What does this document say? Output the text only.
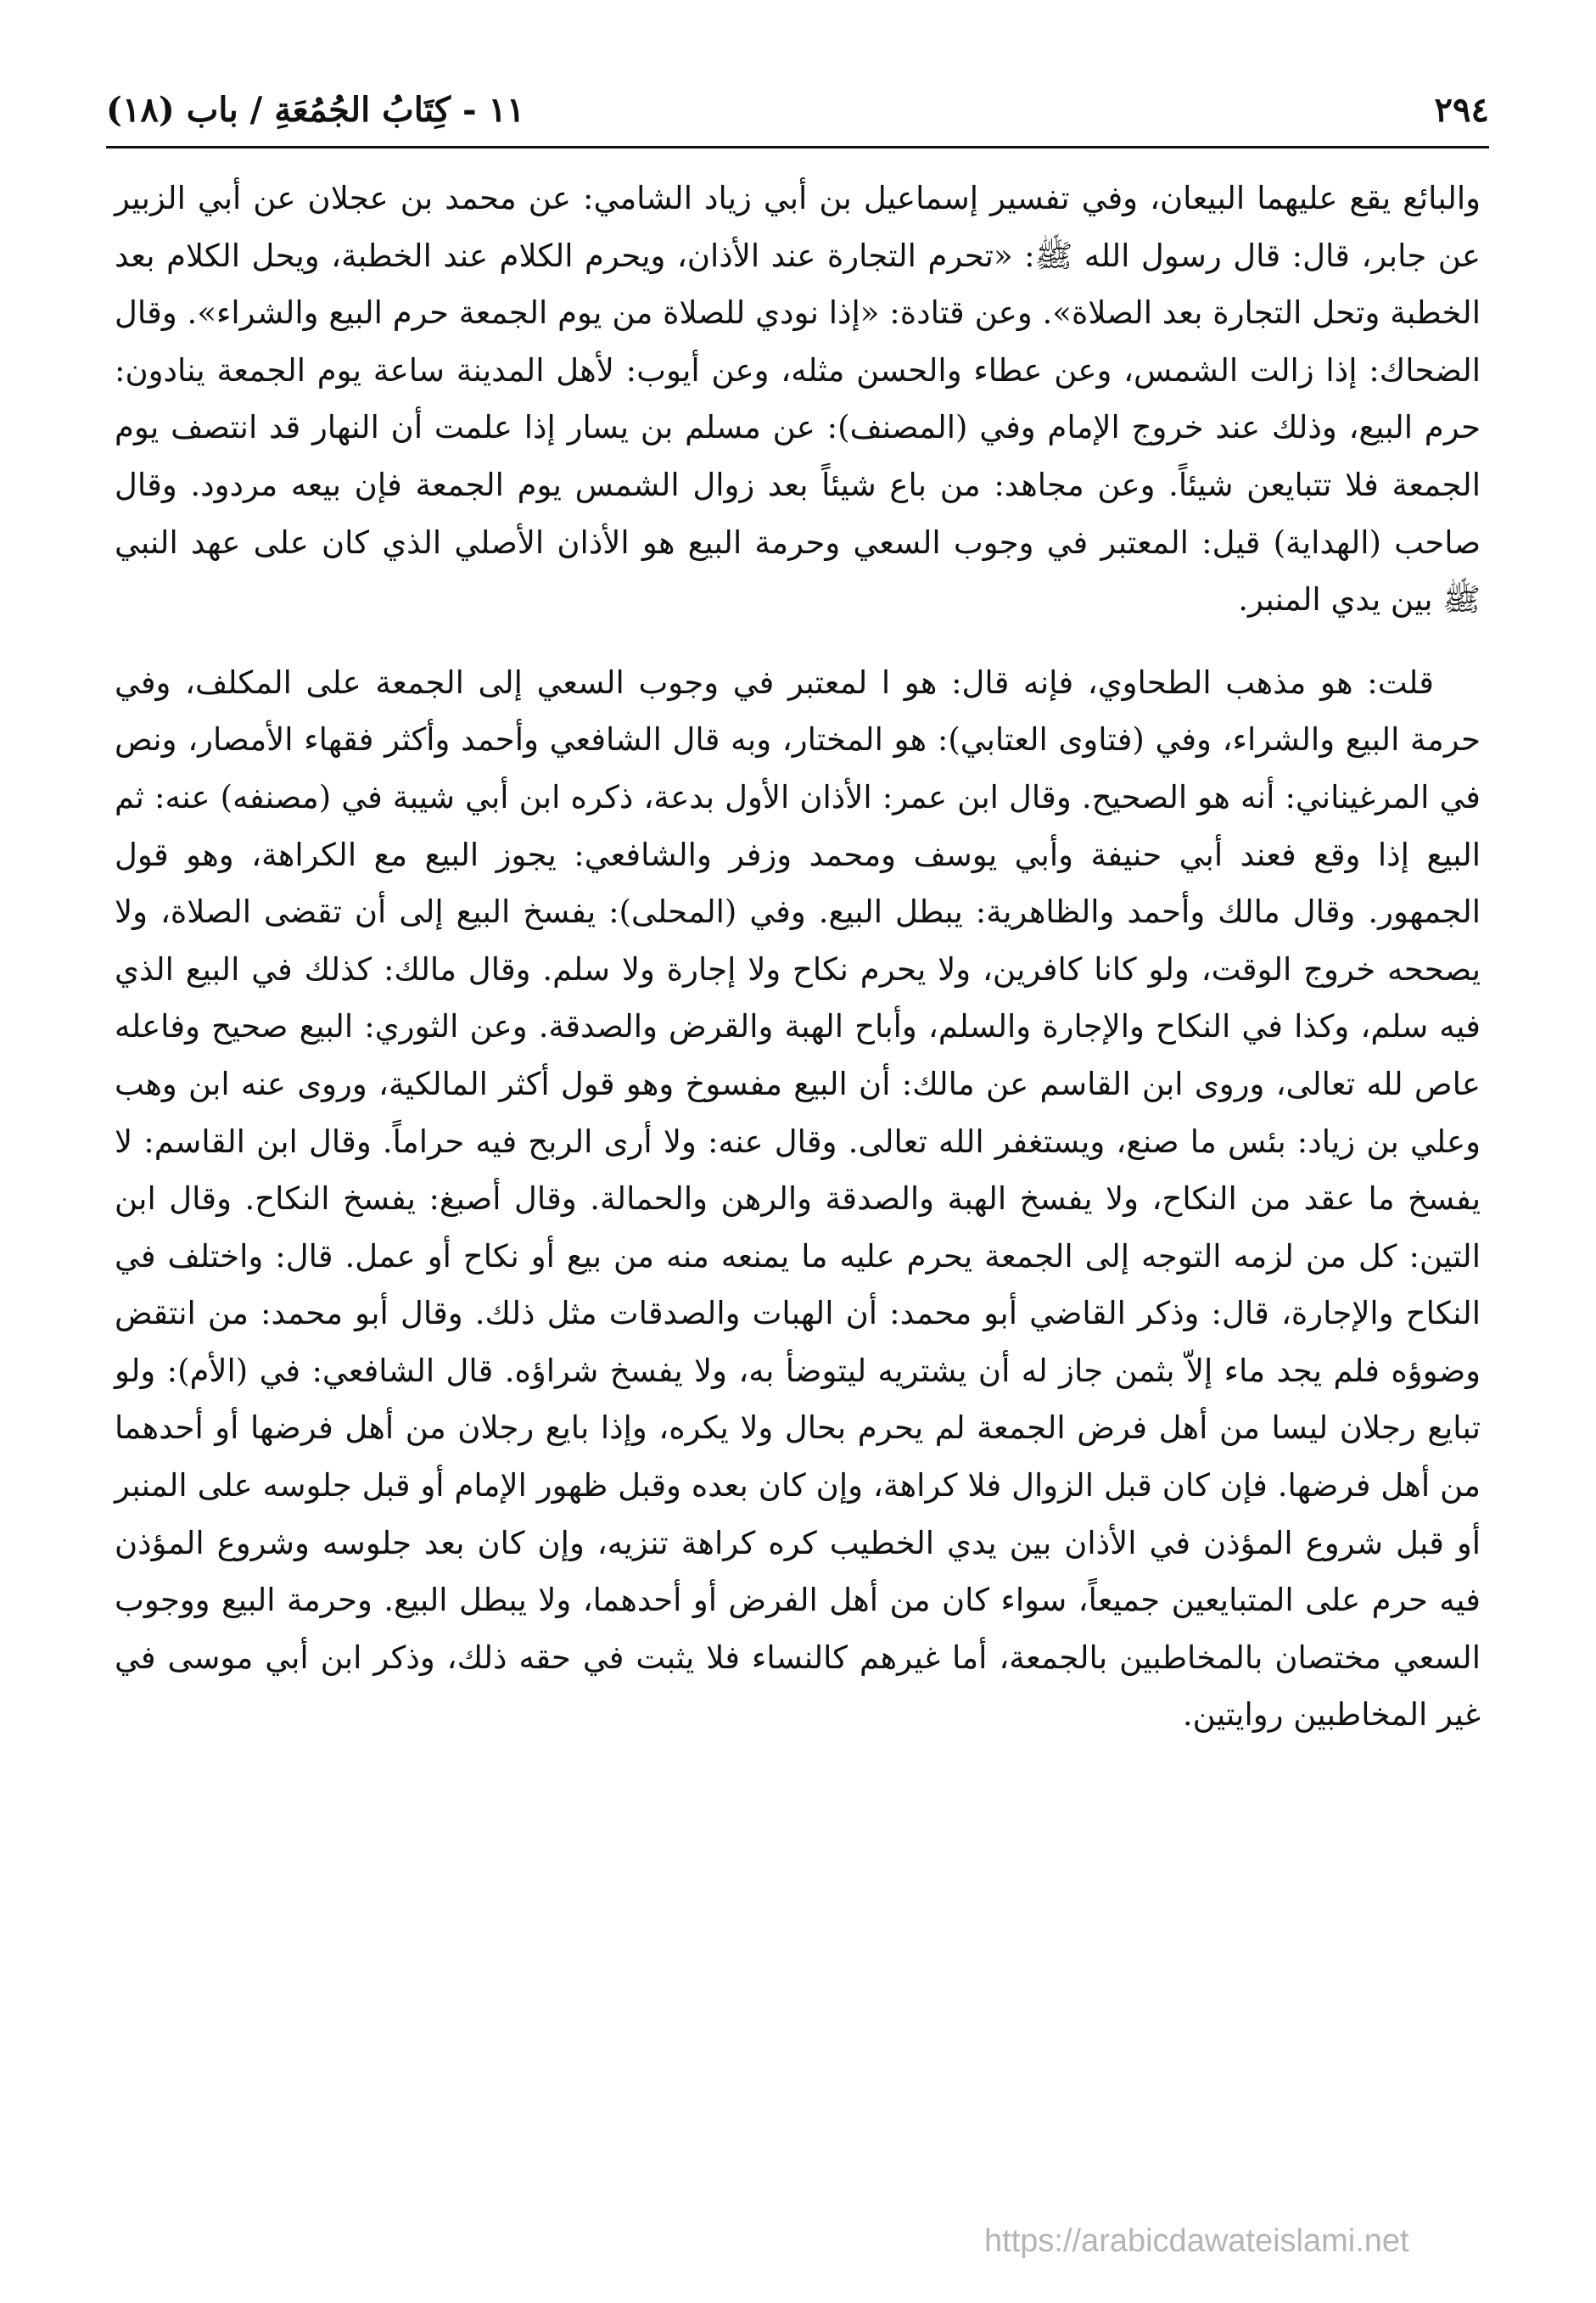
٢٩٤
١١ - كِتَابُ الجُمُعَةِ / باب (١٨)

والبائع يقع عليهما البيعان، وفي تفسير إسماعيل بن أبي زياد الشامي: عن محمد بن عجلان عن أبي الزبير عن جابر، قال: قال رسول الله ﷺ: «تحرم التجارة عند الأذان، ويحرم الكلام عند الخطبة، ويحل الكلام بعد الخطبة وتحل التجارة بعد الصلاة». وعن قتادة: «إذا نودي للصلاة من يوم الجمعة حرم البيع والشراء». وقال الضحاك: إذا زالت الشمس، وعن عطاء والحسن مثله، وعن أيوب: لأهل المدينة ساعة يوم الجمعة ينادون: حرم البيع، وذلك عند خروج الإمام وفي (المصنف): عن مسلم بن يسار إذا علمت أن النهار قد انتصف يوم الجمعة فلا تتبايعن شيئاً. وعن مجاهد: من باع شيئاً بعد زوال الشمس يوم الجمعة فإن بيعه مردود. وقال صاحب (الهداية) قيل: المعتبر في وجوب السعي وحرمة البيع هو الأذان الأصلي الذي كان على عهد النبي ﷺ بين يدي المنبر.

قلت: هو مذهب الطحاوي، فإنه قال: هو ا لمعتبر في وجوب السعي إلى الجمعة على المكلف، وفي حرمة البيع والشراء، وفي (فتاوى العتابي): هو المختار، وبه قال الشافعي وأحمد وأكثر فقهاء الأمصار، ونص في المرغيناني: أنه هو الصحيح. وقال ابن عمر: الأذان الأول بدعة، ذكره ابن أبي شيبة في (مصنفه) عنه: ثم البيع إذا وقع فعند أبي حنيفة وأبي يوسف ومحمد وزفر والشافعي: يجوز البيع مع الكراهة، وهو قول الجمهور. وقال مالك وأحمد والظاهرية: يبطل البيع. وفي (المحلى): يفسخ البيع إلى أن تقضى الصلاة، ولا يصححه خروج الوقت، ولو كانا كافرين، ولا يحرم نكاح ولا إجارة ولا سلم. وقال مالك: كذلك في البيع الذي فيه سلم، وكذا في النكاح والإجارة والسلم، وأباح الهبة والقرض والصدقة. وعن الثوري: البيع صحيح وفاعله عاص لله تعالى، وروى ابن القاسم عن مالك: أن البيع مفسوخ وهو قول أكثر المالكية، وروى عنه ابن وهب وعلي بن زياد: بئس ما صنع، ويستغفر الله تعالى. وقال عنه: ولا أرى الربح فيه حراماً. وقال ابن القاسم: لا يفسخ ما عقد من النكاح، ولا يفسخ الهبة والصدقة والرهن والحمالة. وقال أصبغ: يفسخ النكاح. وقال ابن التين: كل من لزمه التوجه إلى الجمعة يحرم عليه ما يمنعه منه من بيع أو نكاح أو عمل. قال: واختلف في النكاح والإجارة، قال: وذكر القاضي أبو محمد: أن الهبات والصدقات مثل ذلك. وقال أبو محمد: من انتقض وضوؤه فلم يجد ماء إلاّ بثمن جاز له أن يشتريه ليتوضأ به، ولا يفسخ شراؤه. قال الشافعي: في (الأم): ولو تبايع رجلان ليسا من أهل فرض الجمعة لم يحرم بحال ولا يكره، وإذا بايع رجلان من أهل فرضها أو أحدهما من أهل فرضها. فإن كان قبل الزوال فلا كراهة، وإن كان بعده وقبل ظهور الإمام أو قبل جلوسه على المنبر أو قبل شروع المؤذن في الأذان بين يدي الخطيب كره كراهة تنزيه، وإن كان بعد جلوسه وشروع المؤذن فيه حرم على المتبايعين جميعاً، سواء كان من أهل الفرض أو أحدهما، ولا يبطل البيع. وحرمة البيع ووجوب السعي مختصان بالمخاطبين بالجمعة، أما غيرهم كالنساء فلا يثبت في حقه ذلك، وذكر ابن أبي موسى في غير المخاطبين روايتين.

https://arabicdawateislami.net
